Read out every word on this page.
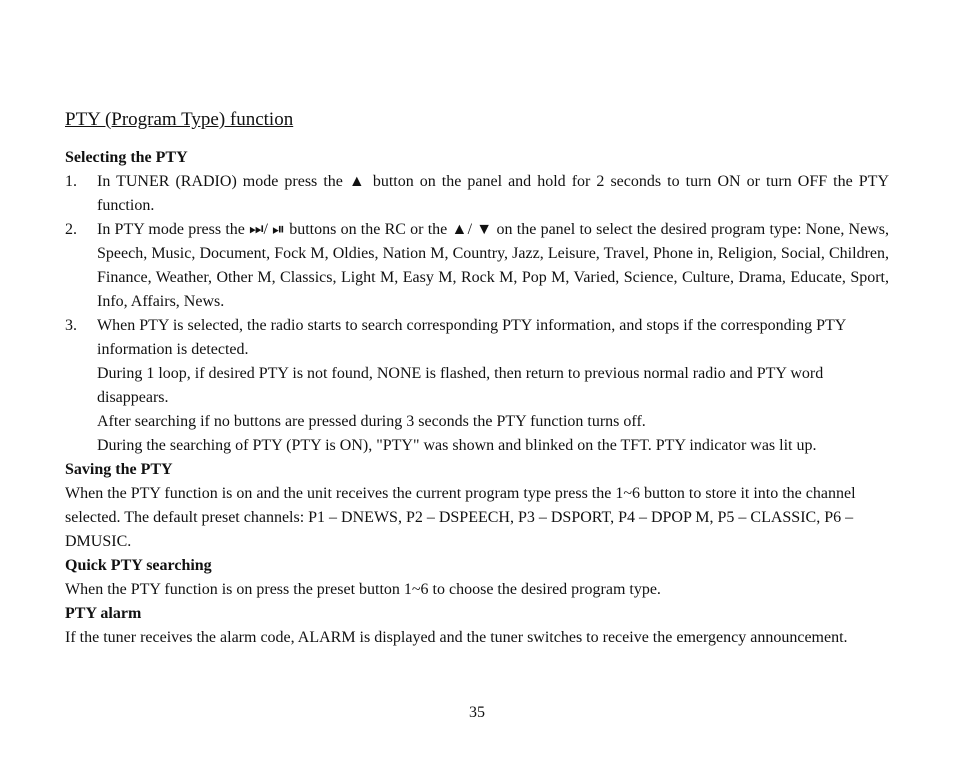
PTY (Program Type) function
Selecting the PTY
1. In TUNER (RADIO) mode press the ▲ button on the panel and hold for 2 seconds to turn ON or turn OFF the PTY function.
2. In PTY mode press the ⏭/ ⏯ buttons on the RC or the ▲/ ▼ on the panel to select the desired program type: None, News, Speech, Music, Document, Fock M, Oldies, Nation M, Country, Jazz, Leisure, Travel, Phone in, Religion, Social, Children, Finance, Weather, Other M, Classics, Light M, Easy M, Rock M, Pop M, Varied, Science, Culture, Drama, Educate, Sport, Info, Affairs, News.
3. When PTY is selected, the radio starts to search corresponding PTY information, and stops if the corresponding PTY information is detected.
During 1 loop, if desired PTY is not found, NONE is flashed, then return to previous normal radio and PTY word disappears.
After searching if no buttons are pressed during 3 seconds the PTY function turns off.
During the searching of PTY (PTY is ON), "PTY" was shown and blinked on the TFT. PTY indicator was lit up.
Saving the PTY
When the PTY function is on and the unit receives the current program type press the 1~6 button to store it into the channel selected. The default preset channels: P1 – DNEWS, P2 – DSPEECH, P3 – DSPORT, P4 – DPOP M, P5 – CLASSIC, P6 – DMUSIC.
Quick PTY searching
When the PTY function is on press the preset button 1~6 to choose the desired program type.
PTY alarm
If the tuner receives the alarm code, ALARM is displayed and the tuner switches to receive the emergency announcement.
35
